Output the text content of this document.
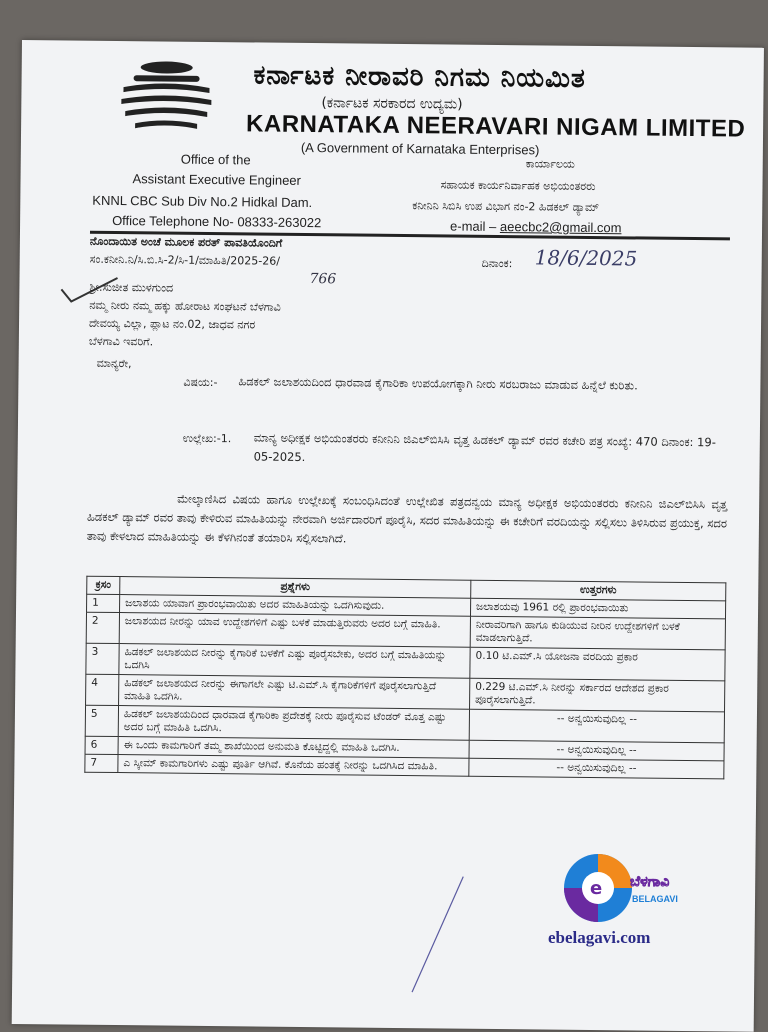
ಕರ್ನಾಟಕ ನೀರಾವರಿ ನಿಗಮ ನಿಯಮಿತ
(ಕರ್ನಾಟಕ ಸರಕಾರದ ಉದ್ಯಮ)
KARNATAKA NEERAVARI NIGAM LIMITED
(A Government of Karnataka Enterprises)
Office of the
Assistant Executive Engineer
KNNL CBC Sub Div No.2 Hidkal Dam.
Office Telephone No- 08333-263022
ಕಾರ್ಯಾಲಯ
ಸಹಾಯಕ ಕಾರ್ಯನಿರ್ವಾಹಕ ಅಭಿಯಂತರರು
ಕನೀನಿನಿ ಸಿಬಿಸಿ ಉಪ ವಿಭಾಗ ನಂ-2 ಹಿಡಕಲ್ ಡ್ಯಾಮ್
e-mail – aeecbc2@gmail.com
ನೊಂದಾಯಿತ ಅಂಚೆ ಮೂಲಕ ಪರತ್ ಪಾವತಿಯೊಂದಿಗೆ
ಸಂ.ಕನೀನಿ.ನಿ/ಸಿ.ಬಿ.ಸಿ-2/ಸಿ-1/ಮಾಹಿತಿ/2025-26/
766
ದಿನಾಂಕ: 18/6/2025
ಶ್ರೀ.ಸುಜೀತ ಮುಳಗುಂದ
ನಮ್ಮ ನೀರು ನಮ್ಮ ಹಕ್ಕು ಹೋರಾಟ ಸಂಘಟನೆ ಬೆಳಗಾವಿ
ದೇವಯ್ಯ ವಿಲ್ಲಾ, ಪ್ಲಾಟ ನಂ.02, ಜಾಧವ ನಗರ
ಬೆಳಗಾವಿ ಇವರಿಗೆ.
ಮಾನ್ಯರೇ,
ವಿಷಯ:- ಹಿಡಕಲ್ ಜಲಾಶಯದಿಂದ ಧಾರವಾಡ ಕೈಗಾರಿಕಾ ಉಪಯೋಗಕ್ಕಾಗಿ ನೀರು ಸರಬರಾಜು ಮಾಡುವ ಹಿನ್ನೆಲೆ ಕುರಿತು.
ಉಲ್ಲೇಖ:-1. ಮಾನ್ಯ ಅಧೀಕ್ಷಕ ಅಭಿಯಂತರರು ಕನೀನಿನಿ ಜಿಎಲ್‌ಬಿಸಿಸಿ ವೃತ್ತ ಹಿಡಕಲ್ ಡ್ಯಾಮ್ ರವರ ಕಚೇರಿ ಪತ್ರ ಸಂಖ್ಯೆ: 470 ದಿನಾಂಕ: 19-05-2025.
ಮೇಲ್ಕಾಣಿಸಿದ ವಿಷಯ ಹಾಗೂ ಉಲ್ಲೇಖಕ್ಕೆ ಸಂಬಂಧಿಸಿದಂತೆ ಉಲ್ಲೇಖಿತ ಪತ್ರದನ್ವಯ ಮಾನ್ಯ ಅಧೀಕ್ಷಕ ಅಭಿಯಂತರರು ಕನೀನಿನಿ ಜಿಎಲ್‌ಬಿಸಿಸಿ ವೃತ್ತ ಹಿಡಕಲ್ ಡ್ಯಾಮ್ ರವರ ತಾವು ಕೇಳಿರುವ ಮಾಹಿತಿಯನ್ನು ನೇರವಾಗಿ ಅರ್ಜಿದಾರರಿಗೆ ಪೂರೈಸಿ, ಸದರ ಮಾಹಿತಿಯನ್ನು ಈ ಕಚೇರಿಗೆ ವರದಿಯನ್ನು ಸಲ್ಲಿಸಲು ತಿಳಿಸಿರುವ ಪ್ರಯುಕ್ತ, ಸದರ ತಾವು ಕೇಳಲಾದ ಮಾಹಿತಿಯನ್ನು ಈ ಕೆಳಗಿನಂತೆ ತಯಾರಿಸಿ ಸಲ್ಲಿಸಲಾಗಿದೆ.
ಕ್ರಸಂ	ಪ್ರಶ್ನೆಗಳು	ಉತ್ತರಗಳು
1	ಜಲಾಶಯ ಯಾವಾಗ ಪ್ರಾರಂಭವಾಯಿತು ಅದರ ಮಾಹಿತಿಯನ್ನು ಒದಗಿಸುವುದು.	ಜಲಾಶಯವು 1961 ರಲ್ಲಿ ಪ್ರಾರಂಭವಾಯಿತು
2	ಜಲಾಶಯದ ನೀರನ್ನು ಯಾವ ಉದ್ದೇಶಗಳಿಗೆ ಎಷ್ಟು ಬಳಕೆ ಮಾಡುತ್ತಿರುವರು ಅದರ ಬಗ್ಗೆ ಮಾಹಿತಿ.	ನೀರಾವರಿಗಾಗಿ ಹಾಗೂ ಕುಡಿಯುವ ನೀರಿನ ಉದ್ದೇಶಗಳಿಗೆ ಬಳಕೆ ಮಾಡಲಾಗುತ್ತಿದೆ.
3	ಹಿಡಕಲ್ ಜಲಾಶಯದ ನೀರನ್ನು ಕೈಗಾರಿಕೆ ಬಳಕೆಗೆ ಎಷ್ಟು ಪೂರೈಸಬೇಕು, ಅದರ ಬಗ್ಗೆ ಮಾಹಿತಿಯನ್ನು ಒದಗಿಸಿ	0.10 ಟಿ.ಎಮ್.ಸಿ ಯೋಜನಾ ವರದಿಯ ಪ್ರಕಾರ
4	ಹಿಡಕಲ್ ಜಲಾಶಯದ ನೀರನ್ನು ಈಗಾಗಲೇ ಎಷ್ಟು ಟಿ.ಎಮ್.ಸಿ ಕೈಗಾರಿಕೆಗಳಿಗೆ ಪೂರೈಸಲಾಗುತ್ತಿದೆ ಮಾಹಿತಿ ಒದಗಿಸಿ.	0.229 ಟಿ.ಎಮ್.ಸಿ ನೀರನ್ನು ಸರ್ಕಾರದ ಆದೇಶದ ಪ್ರಕಾರ ಪೂರೈಸಲಾಗುತ್ತಿದೆ.
5	ಹಿಡಕಲ್ ಜಲಾಶಯದಿಂದ ಧಾರವಾಡ ಕೈಗಾರಿಕಾ ಪ್ರದೇಶಕ್ಕೆ ನೀರು ಪೂರೈಸುವ ಟೆಂಡರ್ ಮೊತ್ತ ಎಷ್ಟು ಅದರ ಬಗ್ಗೆ ಮಾಹಿತಿ ಒದಗಿಸಿ.	-- ಅನ್ವಯಿಸುವುದಿಲ್ಲ --
6	ಈ ಒಂದು ಕಾಮಗಾರಿಗೆ ತಮ್ಮ ಶಾಖೆಯಿಂದ ಅನುಮತಿ ಕೊಟ್ಟಿದ್ದಲ್ಲಿ ಮಾಹಿತಿ ಒದಗಿಸಿ.	-- ಅನ್ವಯಿಸುವುದಿಲ್ಲ --
7	ಎ ಸ್ಕೀಮ್ ಕಾಮಗಾರಿಗಳು ಎಷ್ಟು ಪೂರ್ತಿ ಆಗಿವೆ. ಕೊನೆಯ ಹಂತಕ್ಕೆ ನೀರನ್ನು ಒದಗಿಸಿದ ಮಾಹಿತಿ.	-- ಅನ್ವಯಿಸುವುದಿಲ್ಲ --
e ಬೆಳಗಾವಿ
BELAGAVI
ebelagavi.com
